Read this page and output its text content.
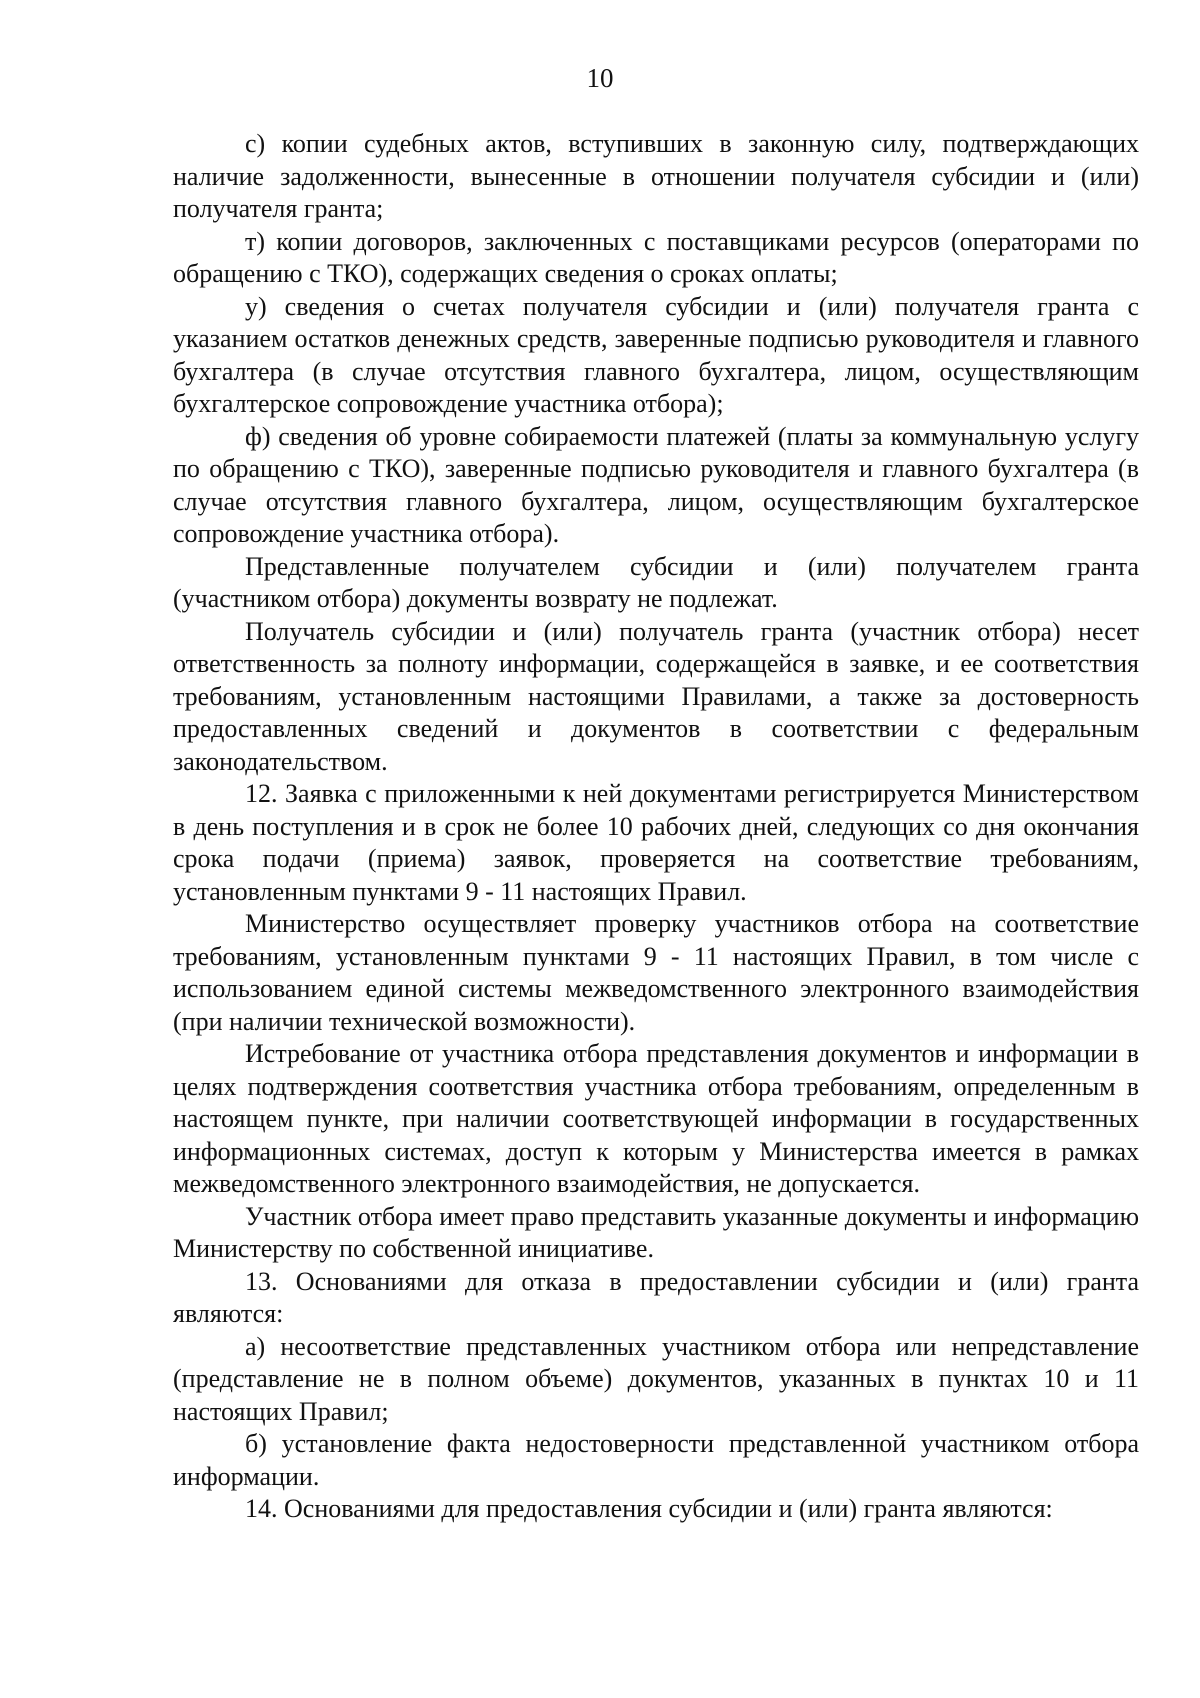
10

с) копии судебных актов, вступивших в законную силу, подтверждающих наличие задолженности, вынесенные в отношении получателя субсидии и (или) получателя гранта;

т) копии договоров, заключенных с поставщиками ресурсов (операторами по обращению с ТКО), содержащих сведения о сроках оплаты;

у) сведения о счетах получателя субсидии и (или) получателя гранта с указанием остатков денежных средств, заверенные подписью руководителя и главного бухгалтера (в случае отсутствия главного бухгалтера, лицом, осуществляющим бухгалтерское сопровождение участника отбора);

ф) сведения об уровне собираемости платежей (платы за коммунальную услугу по обращению с ТКО), заверенные подписью руководителя и главного бухгалтера (в случае отсутствия главного бухгалтера, лицом, осуществляющим бухгалтерское сопровождение участника отбора).

Представленные получателем субсидии и (или) получателем гранта (участником отбора) документы возврату не подлежат.

Получатель субсидии и (или) получатель гранта (участник отбора) несет ответственность за полноту информации, содержащейся в заявке, и ее соответствия требованиям, установленным настоящими Правилами, а также за достоверность предоставленных сведений и документов в соответствии с федеральным законодательством.

12. Заявка с приложенными к ней документами регистрируется Министерством в день поступления и в срок не более 10 рабочих дней, следующих со дня окончания срока подачи (приема) заявок, проверяется на соответствие требованиям, установленным пунктами 9 - 11 настоящих Правил.

Министерство осуществляет проверку участников отбора на соответствие требованиям, установленным пунктами 9 - 11 настоящих Правил, в том числе с использованием единой системы межведомственного электронного взаимодействия (при наличии технической возможности).

Истребование от участника отбора представления документов и информации в целях подтверждения соответствия участника отбора требованиям, определенным в настоящем пункте, при наличии соответствующей информации в государственных информационных системах, доступ к которым у Министерства имеется в рамках межведомственного электронного взаимодействия, не допускается.

Участник отбора имеет право представить указанные документы и информацию Министерству по собственной инициативе.

13. Основаниями для отказа в предоставлении субсидии и (или) гранта являются:

а) несоответствие представленных участником отбора или непредставление (представление не в полном объеме) документов, указанных в пунктах 10 и 11 настоящих Правил;

б) установление факта недостоверности представленной участником отбора информации.

14. Основаниями для предоставления субсидии и (или) гранта являются:
